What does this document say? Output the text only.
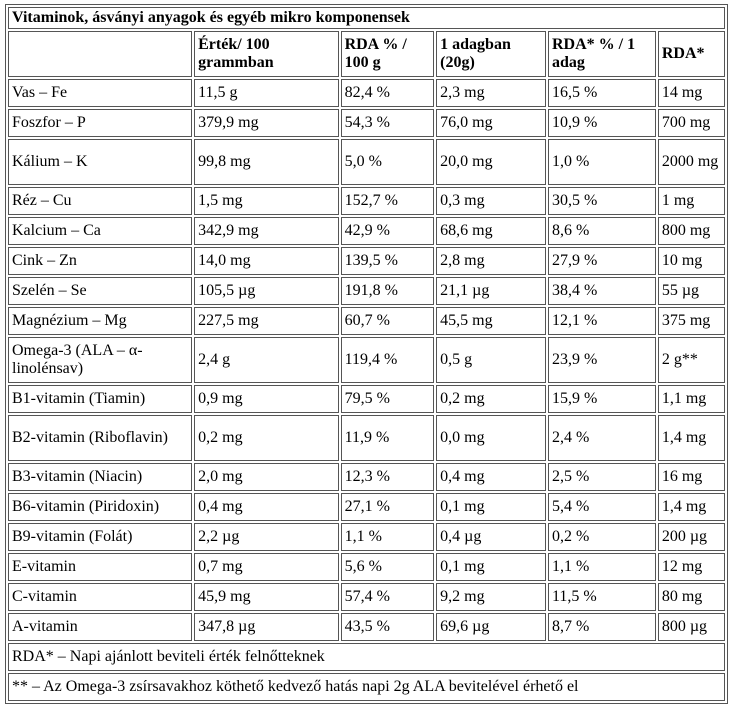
Vitaminok, ásványi anyagok és egyéb mikro komponensek					
	Érték/ 100 grammban	RDA % / 100 g	1 adagban (20g)	RDA* % / 1 adag	RDA*
Vas – Fe	11,5 g	82,4 %	2,3 mg	16,5 %	14 mg
Foszfor – P	379,9 mg	54,3 %	76,0 mg	10,9 %	700 mg
Kálium – K	99,8 mg	5,0 %	20,0 mg	1,0 %	2000 mg
Réz – Cu	1,5 mg	152,7 %	0,3 mg	30,5 %	1 mg
Kalcium – Ca	342,9 mg	42,9 %	68,6 mg	8,6 %	800 mg
Cink – Zn	14,0 mg	139,5 %	2,8 mg	27,9 %	10 mg
Szelén – Se	105,5 µg	191,8 %	21,1 µg	38,4 %	55 µg
Magnézium – Mg	227,5 mg	60,7 %	45,5 mg	12,1 %	375 mg
Omega-3 (ALA – α-linolénsav)	2,4 g	119,4 %	0,5 g	23,9 %	2 g**
B1-vitamin (Tiamin)	0,9 mg	79,5 %	0,2 mg	15,9 %	1,1 mg
B2-vitamin (Riboflavin)	0,2 mg	11,9 %	0,0 mg	2,4 %	1,4 mg
B3-vitamin (Niacin)	2,0 mg	12,3 %	0,4 mg	2,5 %	16 mg
B6-vitamin (Piridoxin)	0,4 mg	27,1 %	0,1 mg	5,4 %	1,4 mg
B9-vitamin (Folát)	2,2 µg	1,1 %	0,4 µg	0,2 %	200 µg
E-vitamin	0,7 mg	5,6 %	0,1 mg	1,1 %	12 mg
C-vitamin	45,9 mg	57,4 %	9,2 mg	11,5 %	80 mg
A-vitamin	347,8 µg	43,5 %	69,6 µg	8,7 %	800 µg
RDA* – Napi ajánlott beviteli érték felnőtteknek					
** – Az Omega-3 zsírsavakhoz köthető kedvező hatás napi 2g ALA bevitelével érhető el					
